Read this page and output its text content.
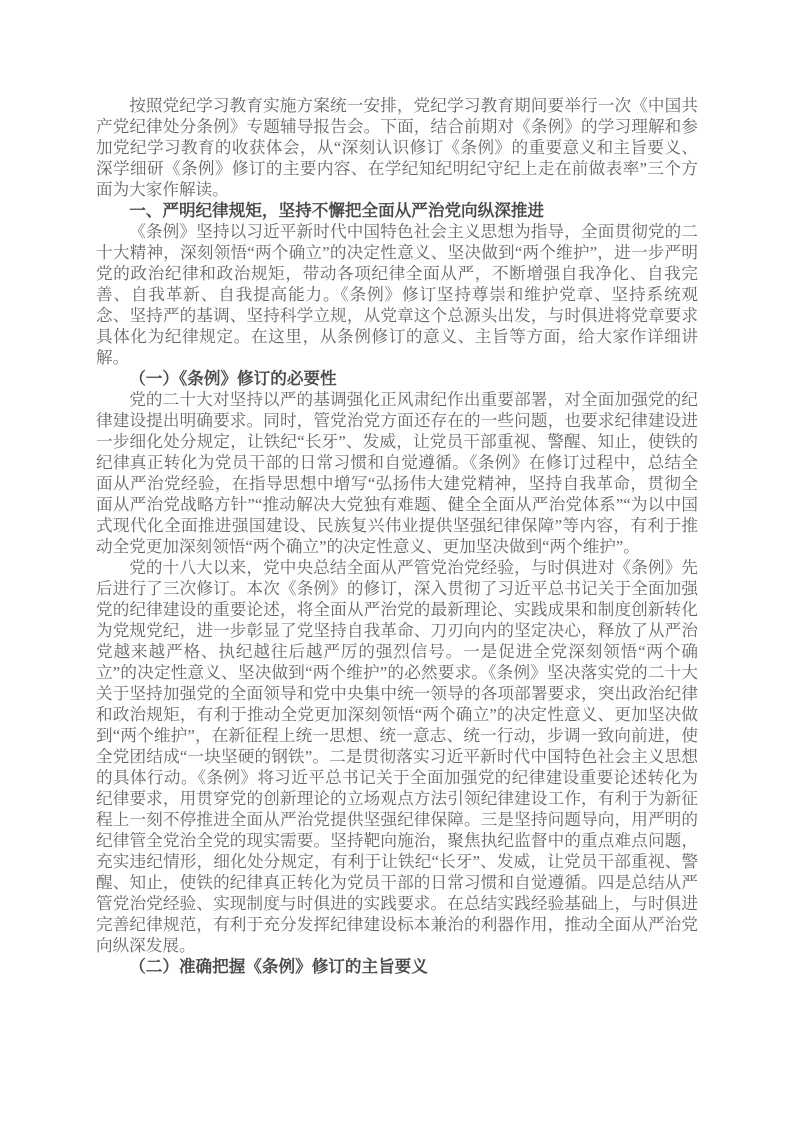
按照党纪学习教育实施方案统一安排，党纪学习教育期间要举行一次《中国共产党纪律处分条例》专题辅导报告会。下面，结合前期对《条例》的学习理解和参加党纪学习教育的收获体会，从“深刻认识修订《条例》的重要意义和主旨要义、深学细研《条例》修订的主要内容、在学纪知纪明纪守纪上走在前做表率”三个方面为大家作解读。

一、严明纪律规矩，坚持不懈把全面从严治党向纵深推进

《条例》坚持以习近平新时代中国特色社会主义思想为指导，全面贯彻党的二十大精神，深刻领悟“两个确立”的决定性意义、坚决做到“两个维护”，进一步严明党的政治纪律和政治规矩，带动各项纪律全面从严，不断增强自我净化、自我完善、自我革新、自我提高能力。《条例》修订坚持尊崇和维护党章、坚持系统观念、坚持严的基调、坚持科学立规，从党章这个总源头出发，与时俱进将党章要求具体化为纪律规定。在这里，从条例修订的意义、主旨等方面，给大家作详细讲解。

（一）《条例》修订的必要性

党的二十大对坚持以严的基调强化正风肃纪作出重要部署，对全面加强党的纪律建设提出明确要求。同时，管党治党方面还存在的一些问题，也要求纪律建设进一步细化处分规定，让铁纪“长牙”、发威，让党员干部重视、警醒、知止，使铁的纪律真正转化为党员干部的日常习惯和自觉遵循。《条例》在修订过程中，总结全面从严治党经验，在指导思想中增写“弘扬伟大建党精神，坚持自我革命，贯彻全面从严治党战略方针”“推动解决大党独有难题、健全全面从严治党体系”“为以中国式现代化全面推进强国建设、民族复兴伟业提供坚强纪律保障”等内容，有利于推动全党更加深刻领悟“两个确立”的决定性意义、更加坚决做到“两个维护”。

党的十八大以来，党中央总结全面从严管党治党经验，与时俱进对《条例》先后进行了三次修订。本次《条例》的修订，深入贯彻了习近平总书记关于全面加强党的纪律建设的重要论述，将全面从严治党的最新理论、实践成果和制度创新转化为党规党纪，进一步彰显了党坚持自我革命、刀刃向内的坚定决心，释放了从严治党越来越严格、执纪越往后越严厉的强烈信号。一是促进全党深刻领悟“两个确立”的决定性意义、坚决做到“两个维护”的必然要求。《条例》坚决落实党的二十大关于坚持加强党的全面领导和党中央集中统一领导的各项部署要求，突出政治纪律和政治规矩，有利于推动全党更加深刻领悟“两个确立”的决定性意义、更加坚决做到“两个维护”，在新征程上统一思想、统一意志、统一行动，步调一致向前进，使全党团结成“一块坚硬的钢铁”。二是贯彻落实习近平新时代中国特色社会主义思想的具体行动。《条例》将习近平总书记关于全面加强党的纪律建设重要论述转化为纪律要求，用贯穿党的创新理论的立场观点方法引领纪律建设工作，有利于为新征程上一刻不停推进全面从严治党提供坚强纪律保障。三是坚持问题导向，用严明的纪律管全党治全党的现实需要。坚持靶向施治，聚焦执纪监督中的重点难点问题，充实违纪情形，细化处分规定，有利于让铁纪“长牙”、发威，让党员干部重视、警醒、知止，使铁的纪律真正转化为党员干部的日常习惯和自觉遵循。四是总结从严管党治党经验、实现制度与时俱进的实践要求。在总结实践经验基础上，与时俱进完善纪律规范，有利于充分发挥纪律建设标本兼治的利器作用，推动全面从严治党向纵深发展。

（二）准确把握《条例》修订的主旨要义
